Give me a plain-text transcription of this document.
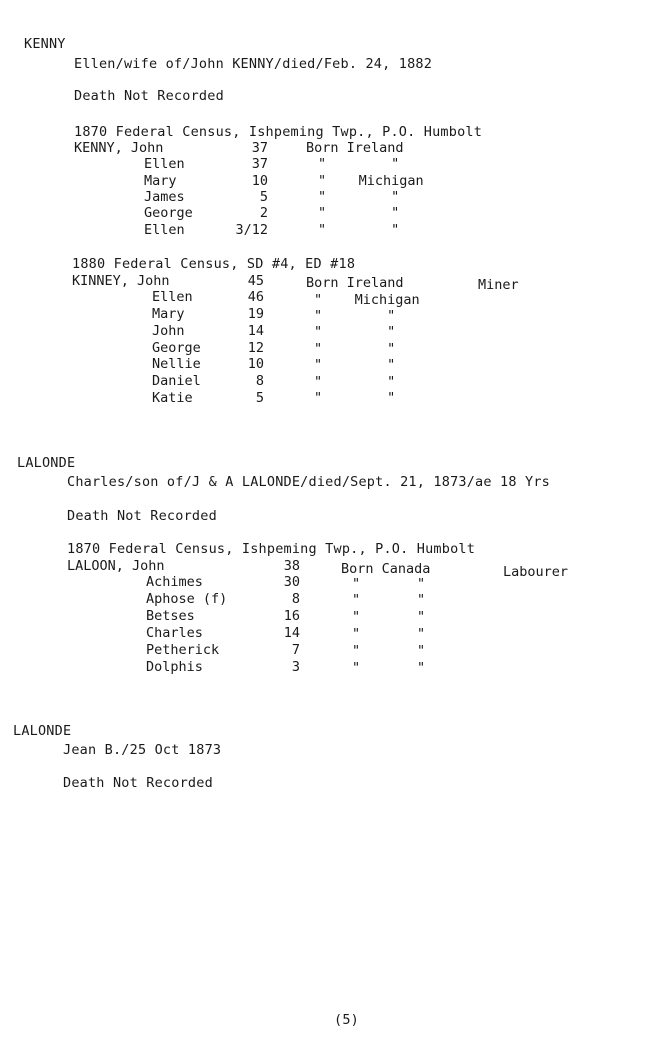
KENNY
Ellen/wife of/John KENNY/died/Feb. 24, 1882
Death Not Recorded
1870 Federal Census, Ishpeming Twp., P.O. Humbolt
KENNY, John	37	Born Ireland
Ellen	37	"        "
Mary	10	"    Michigan
James	5	"        "
George	2	"        "
Ellen	3/12	"        "
1880 Federal Census, SD #4, ED #18
KINNEY, John	45	Born Ireland	Miner
Ellen	46	"    Michigan
Mary	19	"        "
John	14	"        "
George	12	"        "
Nellie	10	"        "
Daniel	8	"        "
Katie	5	"        "
LALONDE
Charles/son of/J & A LALONDE/died/Sept. 21, 1873/ae 18 Yrs
Death Not Recorded
1870 Federal Census, Ishpeming Twp., P.O. Humbolt
LALOON, John	38	Born Canada	Labourer
Achimes	30	"       "
Aphose (f)	8	"       "
Betses	16	"       "
Charles	14	"       "
Petherick	7	"       "
Dolphis	3	"       "
LALONDE
Jean B./25 Oct 1873
Death Not Recorded
(5)
